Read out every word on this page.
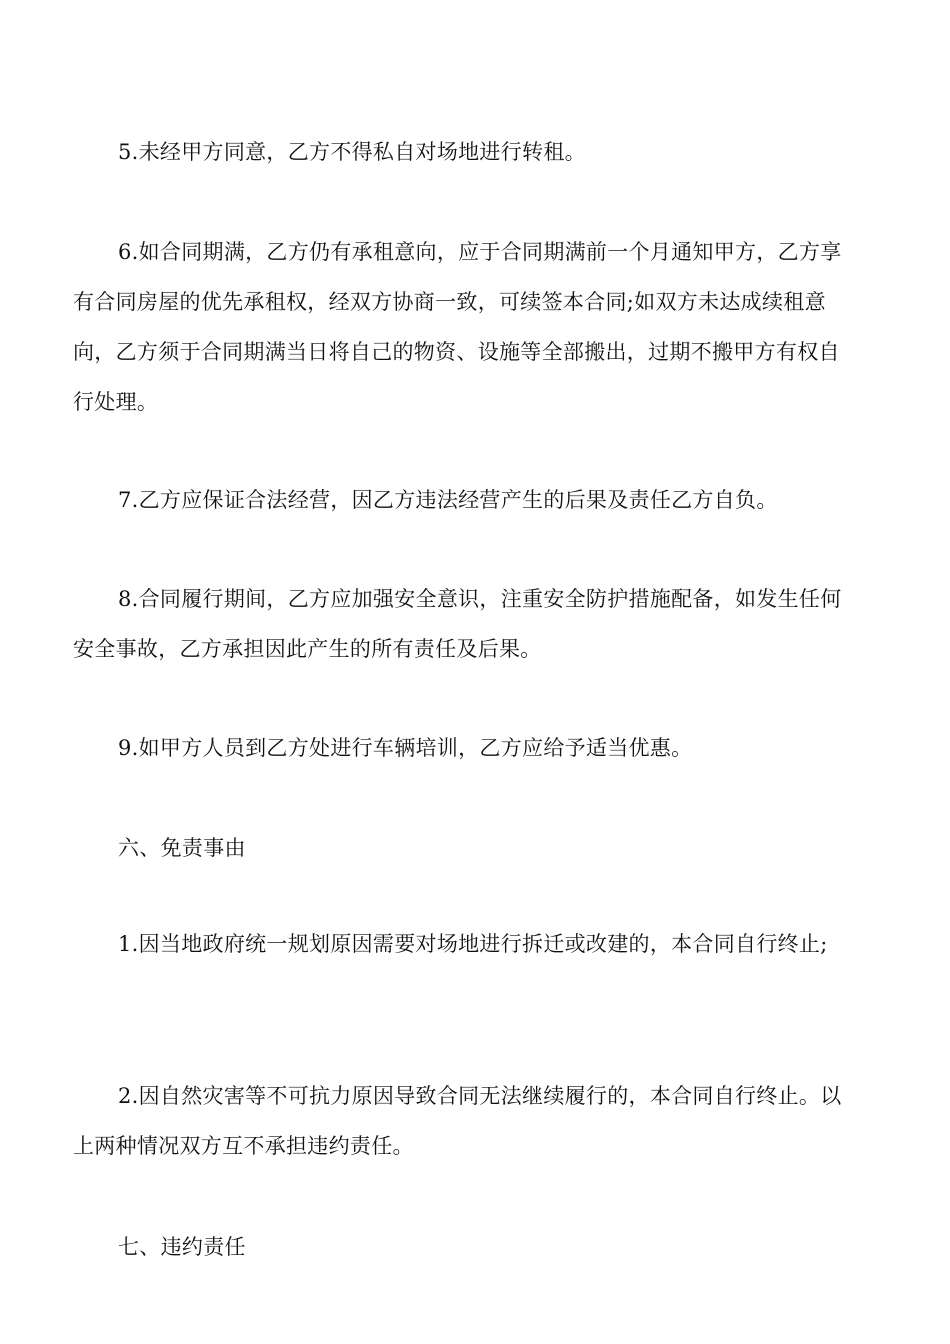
5.未经甲方同意，乙方不得私自对场地进行转租。

6.如合同期满，乙方仍有承租意向，应于合同期满前一个月通知甲方，乙方享
有合同房屋的优先承租权，经双方协商一致，可续签本合同;如双方未达成续租意
向，乙方须于合同期满当日将自己的物资、设施等全部搬出，过期不搬甲方有权自
行处理。

7.乙方应保证合法经营，因乙方违法经营产生的后果及责任乙方自负。

8.合同履行期间，乙方应加强安全意识，注重安全防护措施配备，如发生任何
安全事故，乙方承担因此产生的所有责任及后果。

9.如甲方人员到乙方处进行车辆培训，乙方应给予适当优惠。

六、免责事由

1.因当地政府统一规划原因需要对场地进行拆迁或改建的，本合同自行终止;

2.因自然灾害等不可抗力原因导致合同无法继续履行的，本合同自行终止。以
上两种情况双方互不承担违约责任。

七、违约责任
